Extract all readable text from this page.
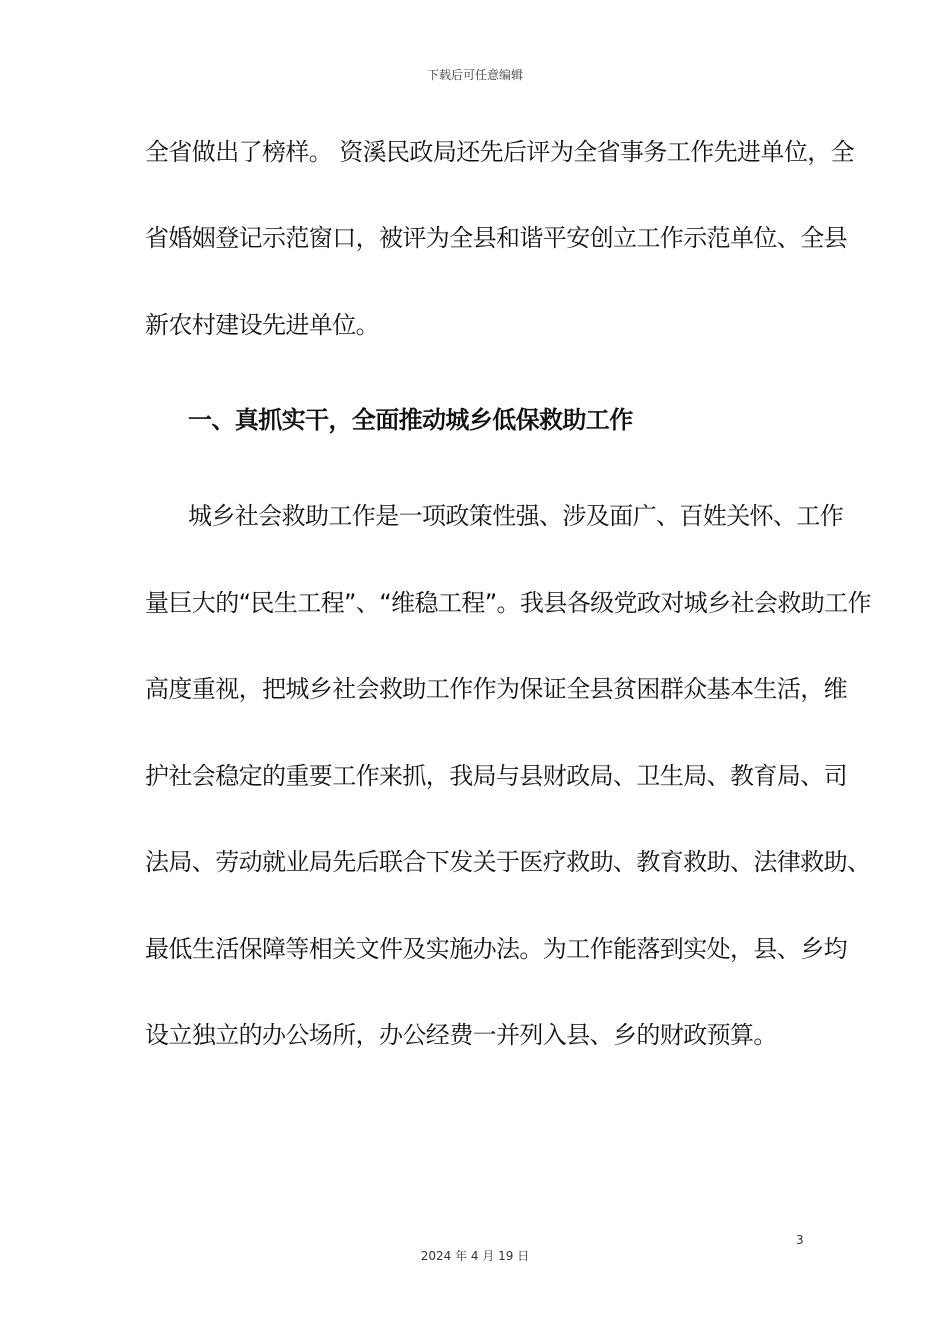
下载后可任意编辑
全省做出了榜样。 资溪民政局还先后评为全省事务工作先进单位，全
省婚姻登记示范窗口，被评为全县和谐平安创立工作示范单位、全县
新农村建设先进单位。
一、真抓实干，全面推动城乡低保救助工作
城乡社会救助工作是一项政策性强、涉及面广、百姓关怀、工作
量巨大的“民生工程”、“维稳工程”。我县各级党政对城乡社会救助工作
高度重视，把城乡社会救助工作作为保证全县贫困群众基本生活，维
护社会稳定的重要工作来抓，我局与县财政局、卫生局、教育局、司
法局、劳动就业局先后联合下发关于医疗救助、教育救助、法律救助、
最低生活保障等相关文件及实施办法。为工作能落到实处，县、乡均
设立独立的办公场所，办公经费一并列入县、乡的财政预算。
3
2024 年 4 月 19 日
